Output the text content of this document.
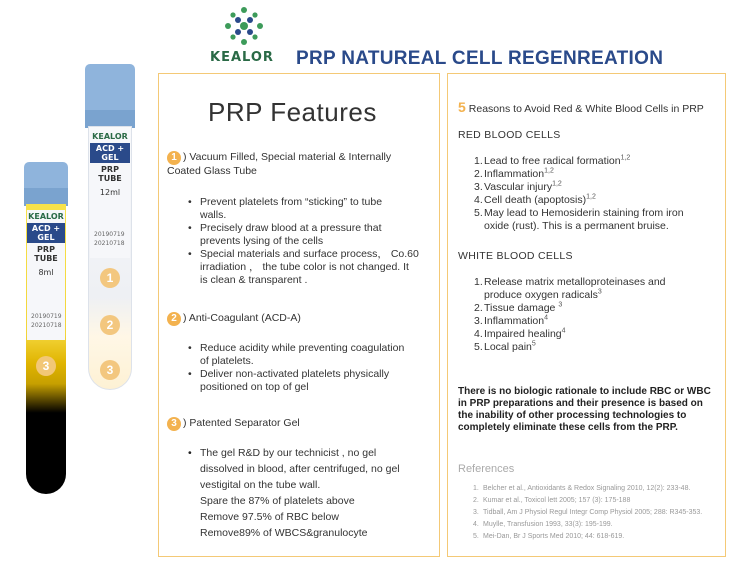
KEALOR PRP NATUREAL CELL REGENREATION
KEALOR
ACD + GEL
PRP TUBE
8ml
20190719
20210718
3
KEALOR
ACD + GEL
PRP TUBE
12ml
20190719
20210718
1
2
3
PRP Features
1 ) Vacuum Filled, Special material & Internally
Coated Glass Tube
• Prevent platelets from “sticking” to tube
walls.
• Precisely draw blood at a pressure that
prevents lysing of the cells
• Special materials and surface process， Co.60
irradiation ， the tube color is not changed. It
is clean & transparent .
2 ) Anti-Coagulant (ACD-A)
• Reduce acidity while preventing coagulation
of platelets.
• Deliver non-activated platelets physically
positioned on top of gel
3 ) Patented Separator Gel
• The gel R&D by our technicist , no gel
dissolved in blood, after centrifuged, no gel
vestigital on the tube wall.
Spare the 87% of platelets above
Remove 97.5% of RBC below
Remove89% of WBCS&granulocyte
5 Reasons to Avoid Red & White Blood Cells in PRP
RED BLOOD CELLS
1. Lead to free radical formation$^{1,2}$
2. Inflammation$^{1,2}$
3. Vascular injury$^{1,2}$
4. Cell death (apoptosis)$^{1,2}$
5. May lead to Hemosiderin staining from iron
oxide (rust). This is a permanent bruise.
WHITE BLOOD CELLS
1. Release matrix metalloproteinases and
produce oxygen radicals$^3$
2. Tissue damage $^3$
3. Inflammation$^4$
4. Impaired healing$^4$
5. Local pain$^5$
There is no biologic rationale to include RBC or WBC in PRP preparations and their presence is based on the inability of other processing technologies to completely eliminate these cells from the PRP.
References
1. Belcher et al., Antioxidants & Redox Signaling 2010, 12(2): 233-48.
2. Kumar et al., Toxicol lett 2005; 157 (3): 175-188
3. Tidball, Am J Physiol Regul Integr Comp Physiol 2005; 288: R345-353.
4. Muylle, Transfusion 1993, 33(3): 195-199.
5. Mei-Dan, Br J Sports Med 2010; 44: 618-619.
